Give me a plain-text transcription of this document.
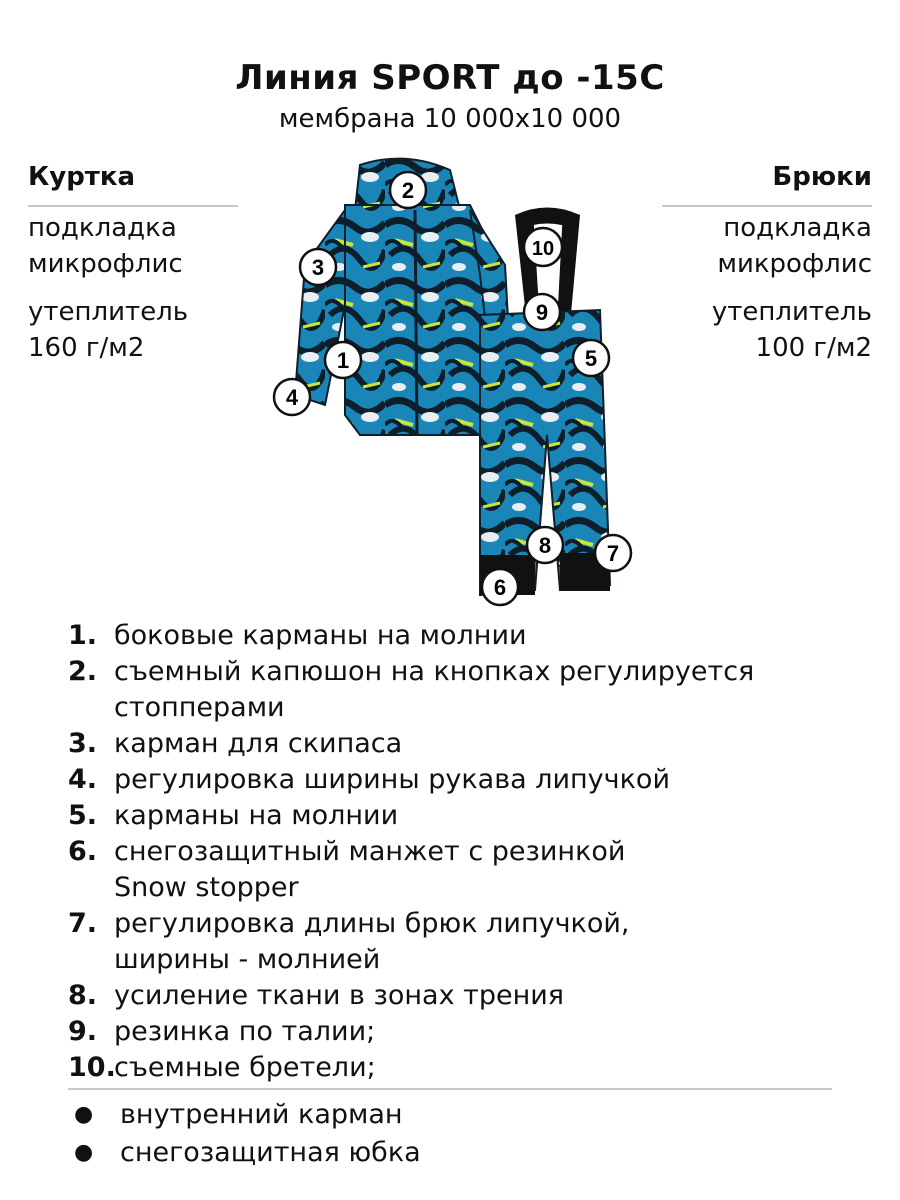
Линия SPORT до -15С
мембрана 10 000х10 000
Куртка
подкладка
микрофлис
утеплитель
160 г/м2
Брюки
подкладка
микрофлис
утеплитель
100 г/м2
1
2
3
4
5
6
7
8
9
10
1. боковые карманы на молнии
2. съемный капюшон на кнопках регулируется
стопперами
3. карман для скипаса
4. регулировка ширины рукава липучкой
5. карманы на молнии
6. снегозащитный манжет с резинкой
Snow stopper
7. регулировка длины брюк липучкой,
ширины - молнией
8. усиление ткани в зонах трения
9. резинка по талии;
10.
съемные бретели;
● внутренний карман
● снегозащитная юбка
